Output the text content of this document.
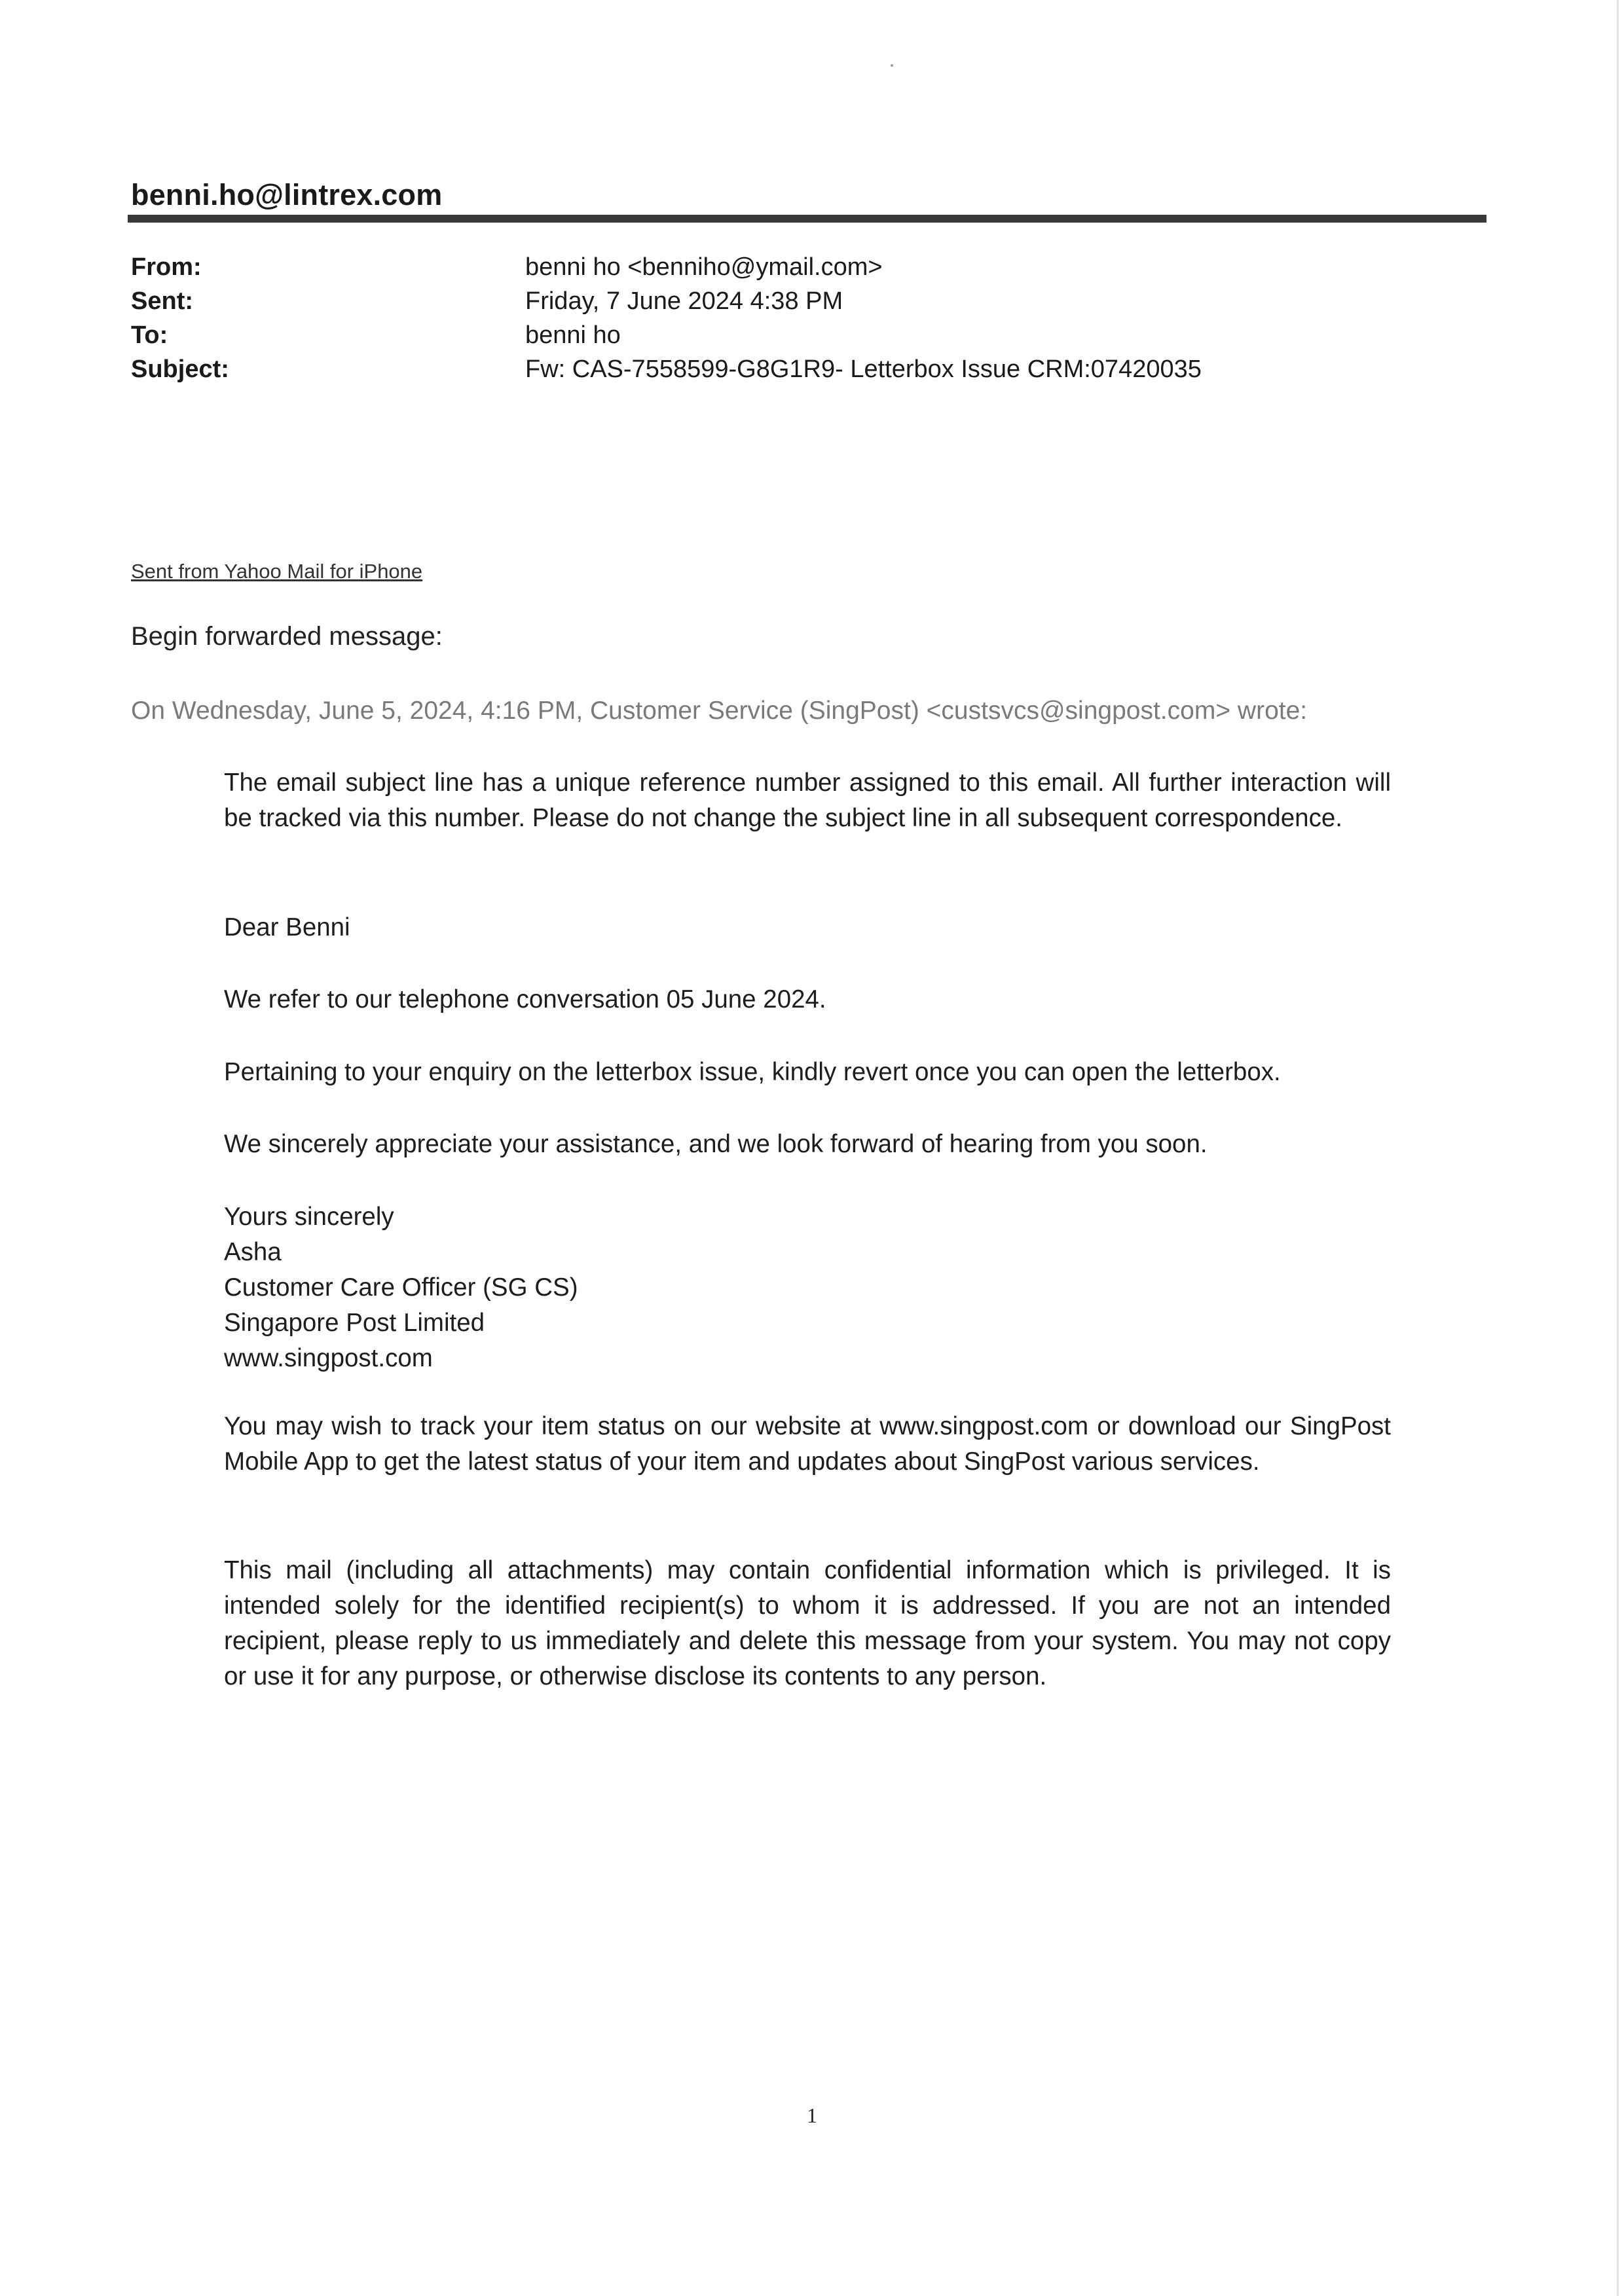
benni.ho@lintrex.com
From:	benni ho <benniho@ymail.com>
Sent:	Friday, 7 June 2024 4:38 PM
To:	benni ho
Subject:	Fw: CAS-7558599-G8G1R9- Letterbox Issue CRM:07420035
Sent from Yahoo Mail for iPhone
Begin forwarded message:
On Wednesday, June 5, 2024, 4:16 PM, Customer Service (SingPost) <custsvcs@singpost.com> wrote:
The email subject line has a unique reference number assigned to this email. All further interaction will be tracked via this number. Please do not change the subject line in all subsequent correspondence.
Dear Benni
We refer to our telephone conversation 05 June 2024.
Pertaining to your enquiry on the letterbox issue, kindly revert once you can open the letterbox.
We sincerely appreciate your assistance, and we look forward of hearing from you soon.
Yours sincerely
Asha
Customer Care Officer (SG CS)
Singapore Post Limited
www.singpost.com
You may wish to track your item status on our website at www.singpost.com or download our SingPost Mobile App to get the latest status of your item and updates about SingPost various services.
This mail (including all attachments) may contain confidential information which is privileged. It is intended solely for the identified recipient(s) to whom it is addressed. If you are not an intended recipient, please reply to us immediately and delete this message from your system. You may not copy or use it for any purpose, or otherwise disclose its contents to any person.
1
